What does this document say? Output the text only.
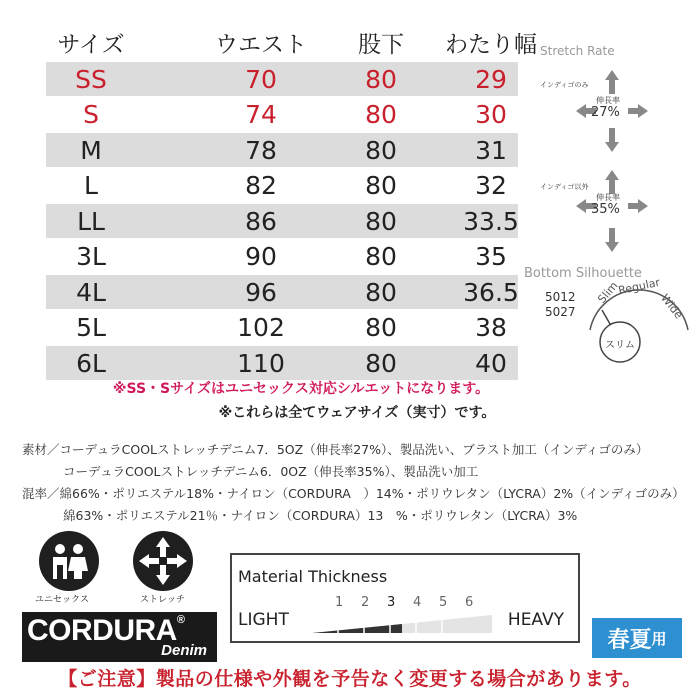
サイズ	ウエスト	股下	わたり幅
SS	70	80	29
S	74	80	30
M	78	80	31
L	82	80	32
LL	86	80	33.5
3L	90	80	35
4L	96	80	36.5
5L	102	80	38
6L	110	80	40
※SS・Sサイズはユニセックス対応シルエットになります。
※これらは全てウェアサイズ（実寸）です。
Stretch Rate
インディゴのみ
伸長率
27%
インディゴ以外
伸長率
35%
Bottom Silhouette
5012
5027
Slim
Regular
Wide
スリム
素材／コーデュラCOOLストレッチデニム7．5OZ（伸長率27%）、製品洗い、ブラスト加工（インディゴのみ）
コーデュラCOOLストレッチデニム6．0OZ（伸長率35%）、製品洗い加工
混率／綿66%・ポリエステル18%・ナイロン（CORDURA　）14%・ポリウレタン（LYCRA）2%（インディゴのみ）
綿63%・ポリエステル21％・ナイロン（CORDURA）13　%・ポリウレタン（LYCRA）3%
ユニセックス	ストレッチ
CORDURA®
Denim
Material Thickness
LIGHT	HEAVY
1 2 3 4 5 6
春夏 用
【ご注意】製品の仕様や外観を予告なく変更する場合があります。
